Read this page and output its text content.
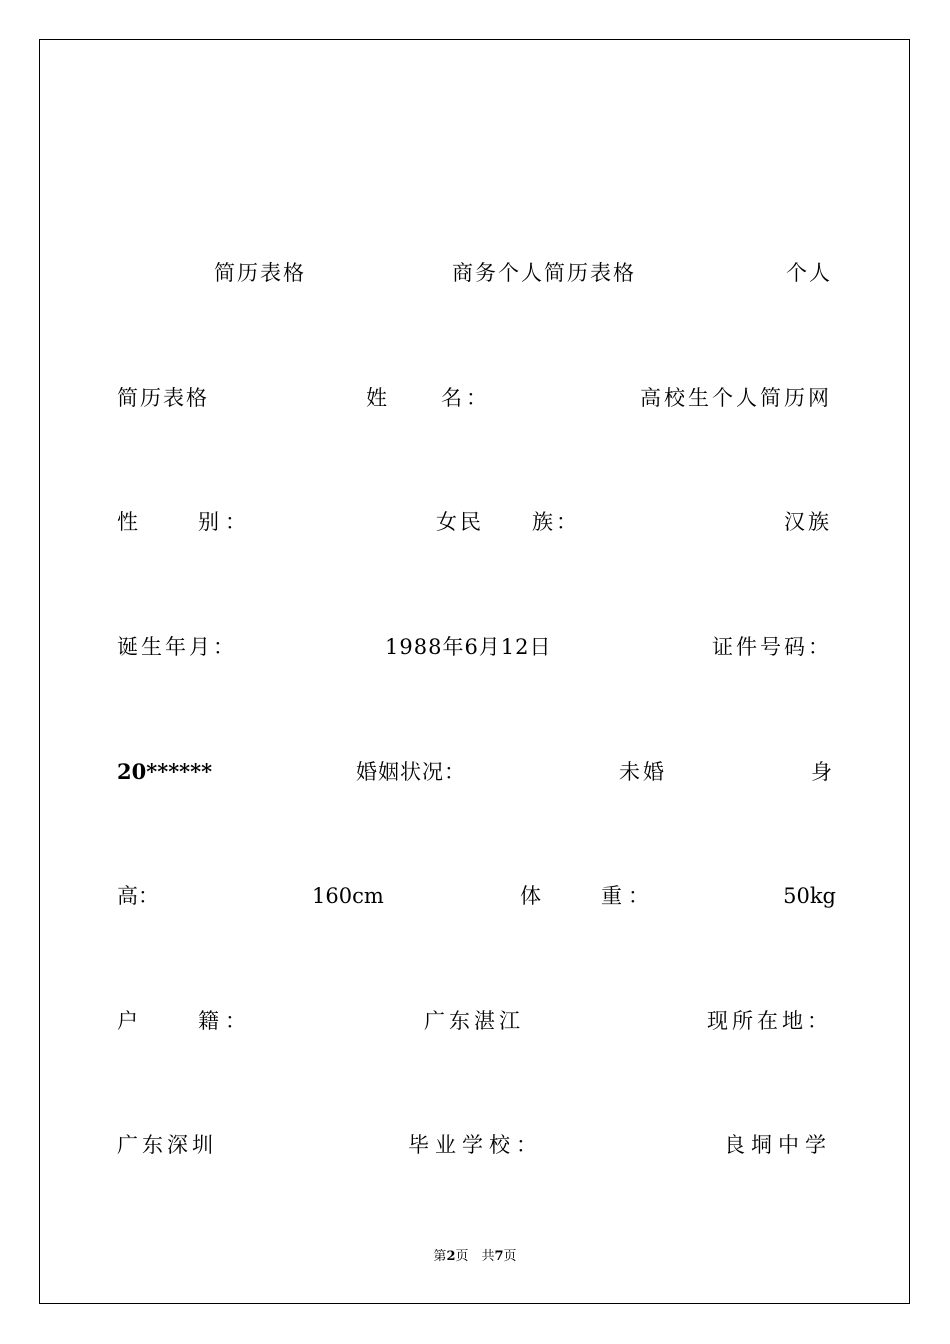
简历表格	商务个人简历表格	个人
简历表格	姓　　名：	高校生个人简历网
性　　别：	女民　　族：	汉族
诞生年月：	1988年6月12日	证件号码：
20******	婚姻状况：	未婚	身
高：	160cm	体　　重：	50kg
户　　籍：	广东湛江	现所在地：
广东深圳	毕业学校：	良垌中学
第2页　共7页
